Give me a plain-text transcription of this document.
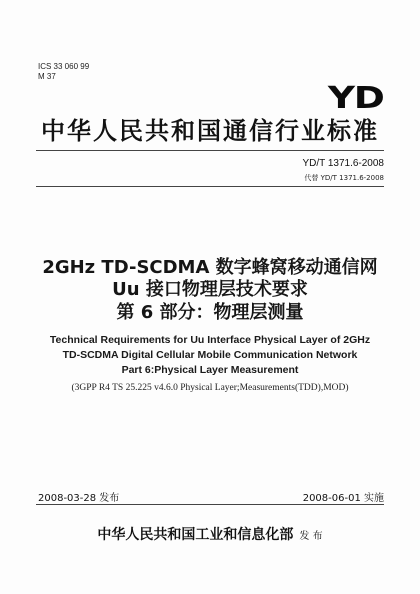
ICS 33 060 99
M 37
YD
中华人民共和国通信行业标准
YD/T 1371.6-2008
代替 YD/T 1371.6-2008
2GHz TD-SCDMA 数字蜂窝移动通信网
Uu 接口物理层技术要求
第 6 部分：物理层测量
Technical Requirements for Uu Interface Physical Layer of 2GHz
TD-SCDMA Digital Cellular Mobile Communication Network
Part 6:Physical Layer Measurement
(3GPP R4 TS 25.225 v4.6.0 Physical Layer;Measurements(TDD),MOD)
2008-03-28 发布	2008-06-01 实施
中华人民共和国工业和信息化部 发 布
